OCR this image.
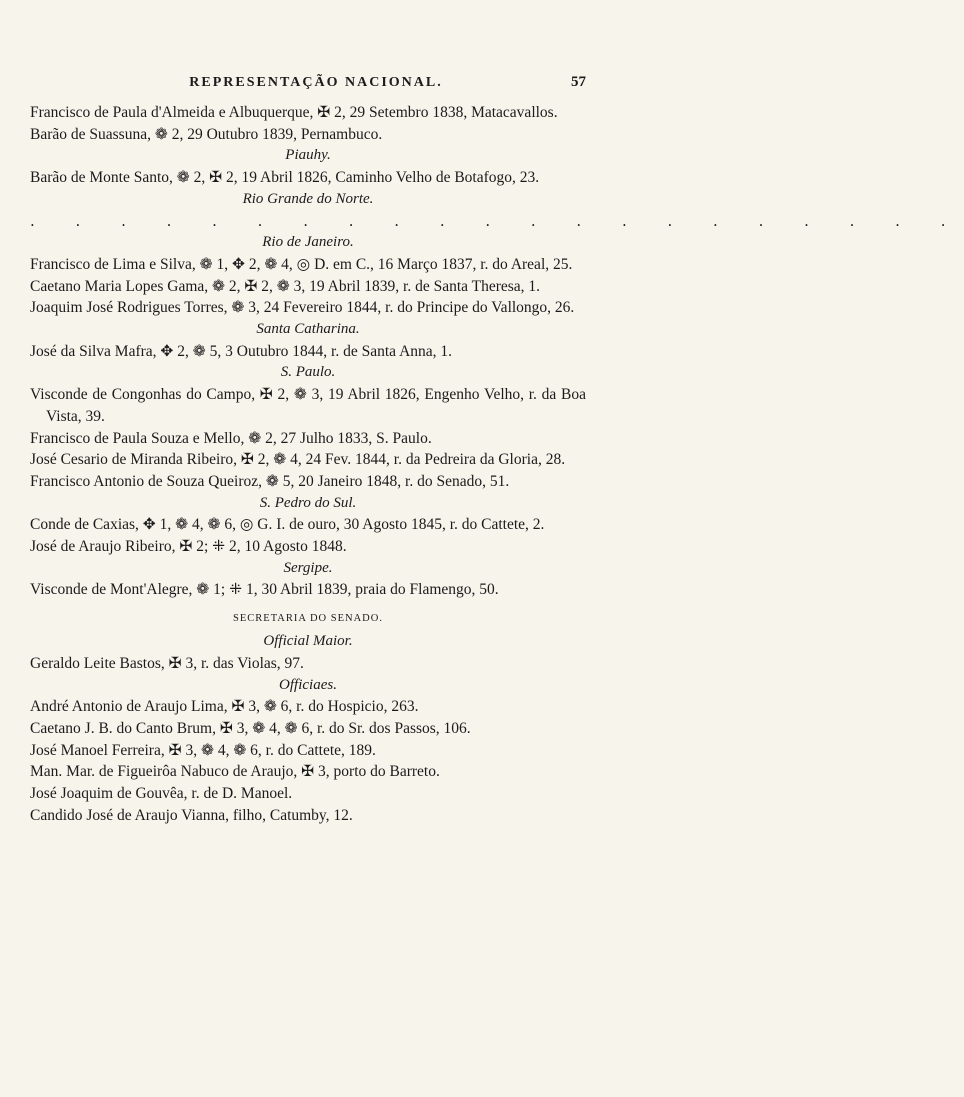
REPRESENTAÇÃO NACIONAL.	57
Francisco de Paula d'Almeida e Albuquerque, ✠ 2, 29 Setembro 1838, Matacavallos.
Barão de Suassuna, ❁ 2, 29 Outubro 1839, Pernambuco.
Piauhy.
Barão de Monte Santo, ❁ 2, ✠ 2, 19 Abril 1826, Caminho Velho de Botafogo, 23.
Rio Grande do Norte.
. . . . . . . . . . . . . . . . . . . . .
Rio de Janeiro.
Francisco de Lima e Silva, ❁ 1, ✥ 2, ❁ 4, ◎ D. em C., 16 Março 1837, r. do Areal, 25.
Caetano Maria Lopes Gama, ❁ 2, ✠ 2, ❁ 3, 19 Abril 1839, r. de Santa Theresa, 1.
Joaquim José Rodrigues Torres, ❁ 3, 24 Fevereiro 1844, r. do Principe do Vallongo, 26.
Santa Catharina.
José da Silva Mafra, ✥ 2, ❁ 5, 3 Outubro 1844, r. de Santa Anna, 1.
S. Paulo.
Visconde de Congonhas do Campo, ✠ 2, ❁ 3, 19 Abril 1826, Engenho Velho, r. da Boa Vista, 39.
Francisco de Paula Souza e Mello, ❁ 2, 27 Julho 1833, S. Paulo.
José Cesario de Miranda Ribeiro, ✠ 2, ❁ 4, 24 Fev. 1844, r. da Pedreira da Gloria, 28.
Francisco Antonio de Souza Queiroz, ❁ 5, 20 Janeiro 1848, r. do Senado, 51.
S. Pedro do Sul.
Conde de Caxias, ✥ 1, ❁ 4, ❁ 6, ◎ G. I. de ouro, 30 Agosto 1845, r. do Cattete, 2.
José de Araujo Ribeiro, ✠ 2; ⁜ 2, 10 Agosto 1848.
Sergipe.
Visconde de Mont'Alegre, ❁ 1; ⁜ 1, 30 Abril 1839, praia do Flamengo, 50.
SECRETARIA DO SENADO.
Official Maior.
Geraldo Leite Bastos, ✠ 3, r. das Violas, 97.
Officiaes.
André Antonio de Araujo Lima, ✠ 3, ❁ 6, r. do Hospicio, 263.
Caetano J. B. do Canto Brum, ✠ 3, ❁ 4, ❁ 6, r. do Sr. dos Passos, 106.
José Manoel Ferreira, ✠ 3, ❁ 4, ❁ 6, r. do Cattete, 189.
Man. Mar. de Figueirôa Nabuco de Araujo, ✠ 3, porto do Barreto.
José Joaquim de Gouvêa, r. de D. Manoel.
Candido José de Araujo Vianna, filho, Catumby, 12.
